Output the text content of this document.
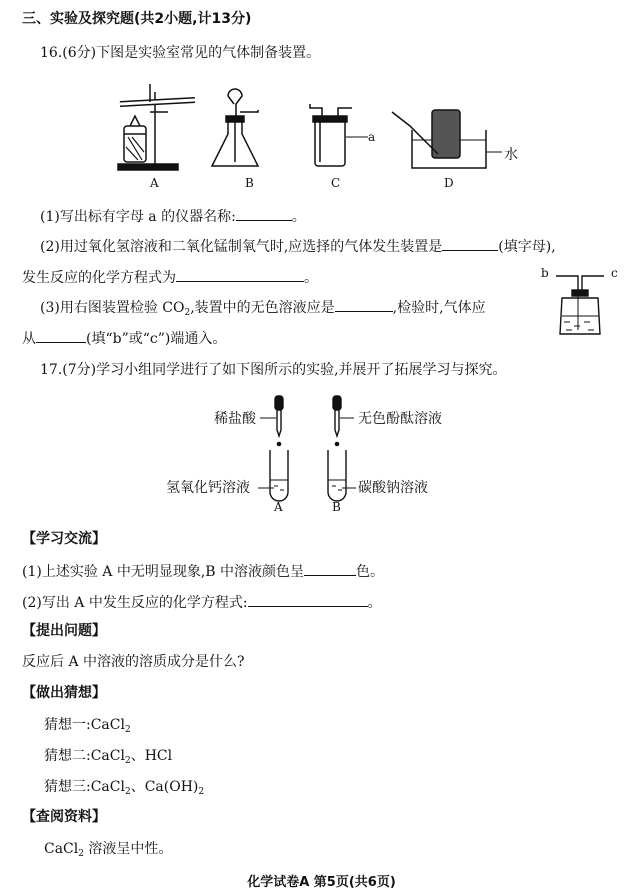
三、实验及探究题(共2小题,计13分)
16.(6分)下图是实验室常见的气体制备装置。
a
水
A	B	C	D
(1)写出标有字母 a 的仪器名称:	。
(2)用过氧化氢溶液和二氧化锰制氧气时,应选择的气体发生装置是	(填字母),
发生反应的化学方程式为	。
(3)用右图装置检验 $CO_2$,装置中的无色溶液应是	,检验时,气体应
从	(填“b”或“c”)端通入。
b	c
17.(7分)学习小组同学进行了如下图所示的实验,并展开了拓展学习与探究。
稀盐酸	无色酚酞溶液
氢氧化钙溶液	碳酸钠溶液
A	B
【学习交流】
(1)上述实验 A 中无明显现象,B 中溶液颜色呈	色。
(2)写出 A 中发生反应的化学方程式:	。
【提出问题】
反应后 A 中溶液的溶质成分是什么?
【做出猜想】
猜想一:CaCl$_2$
猜想二:CaCl$_2$、HCl
猜想三:CaCl$_2$、$Ca(OH)_2$
【查阅资料】
CaCl$_2$ 溶液呈中性。
化学试卷A 第5页(共6页)
